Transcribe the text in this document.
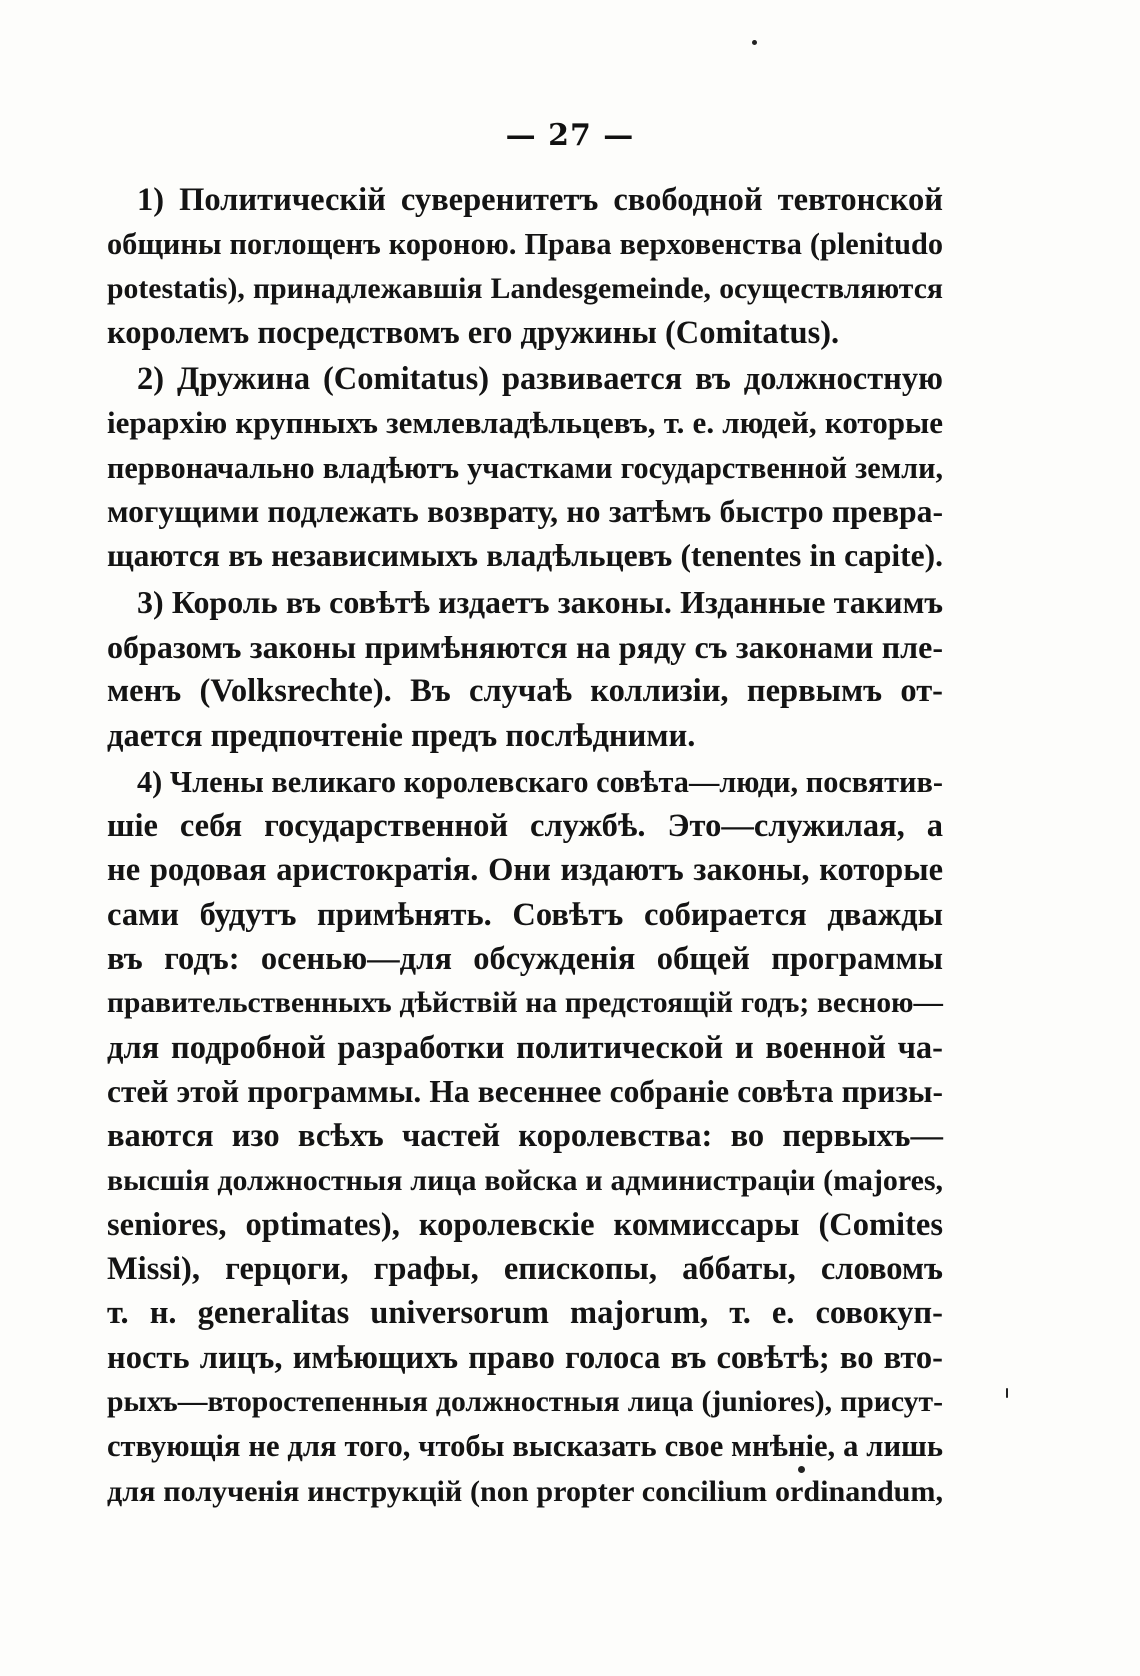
— 27 —
1) Политическій суверенитетъ свободной тевтонской
общины поглощенъ короною. Права верховенства (plenitudo
potestatis), принадлежавшія Landesgemeinde, осуществляются
королемъ посредствомъ его дружины (Comitatus).
2) Дружина (Comitatus) развивается въ должностную
іерархію крупныхъ землевладѣльцевъ, т. е. людей, которые
первоначально владѣютъ участками государственной земли,
могущими подлежать возврату, но затѣмъ быстро превра-
щаются въ независимыхъ владѣльцевъ (tenentes in capite).
3) Король въ совѣтѣ издаетъ законы. Изданные такимъ
образомъ законы примѣняются на ряду съ законами пле-
менъ (Volksrechte). Въ случаѣ коллизіи, первымъ от-
дается предпочтеніе предъ послѣдними.
4) Члены великаго королевскаго совѣта—люди, посвятив-
шіе себя государственной службѣ. Это—служилая, а
не родовая аристократія. Они издаютъ законы, которые
сами будутъ примѣнять. Совѣтъ собирается дважды
въ годъ: осенью—для обсужденія общей программы
правительственныхъ дѣйствій на предстоящій годъ; весною—
для подробной разработки политической и военной ча-
стей этой программы. На весеннее собраніе совѣта призы-
ваются изо всѣхъ частей королевства: во первыхъ—
высшія должностныя лица войска и администраціи (majores,
seniores, optimates), королевскіе коммиссары (Comites
Missi), герцоги, графы, епископы, аббаты, словомъ
т. н. generalitas universorum majorum, т. е. совокуп-
ность лицъ, имѣющихъ право голоса въ совѣтѣ; во вто-
рыхъ—второстепенныя должностныя лица (juniores), присут-
ствующія не для того, чтобы высказать свое мнѣніе, а лишь
для полученія инструкцій (non propter concilium ordinandum,
